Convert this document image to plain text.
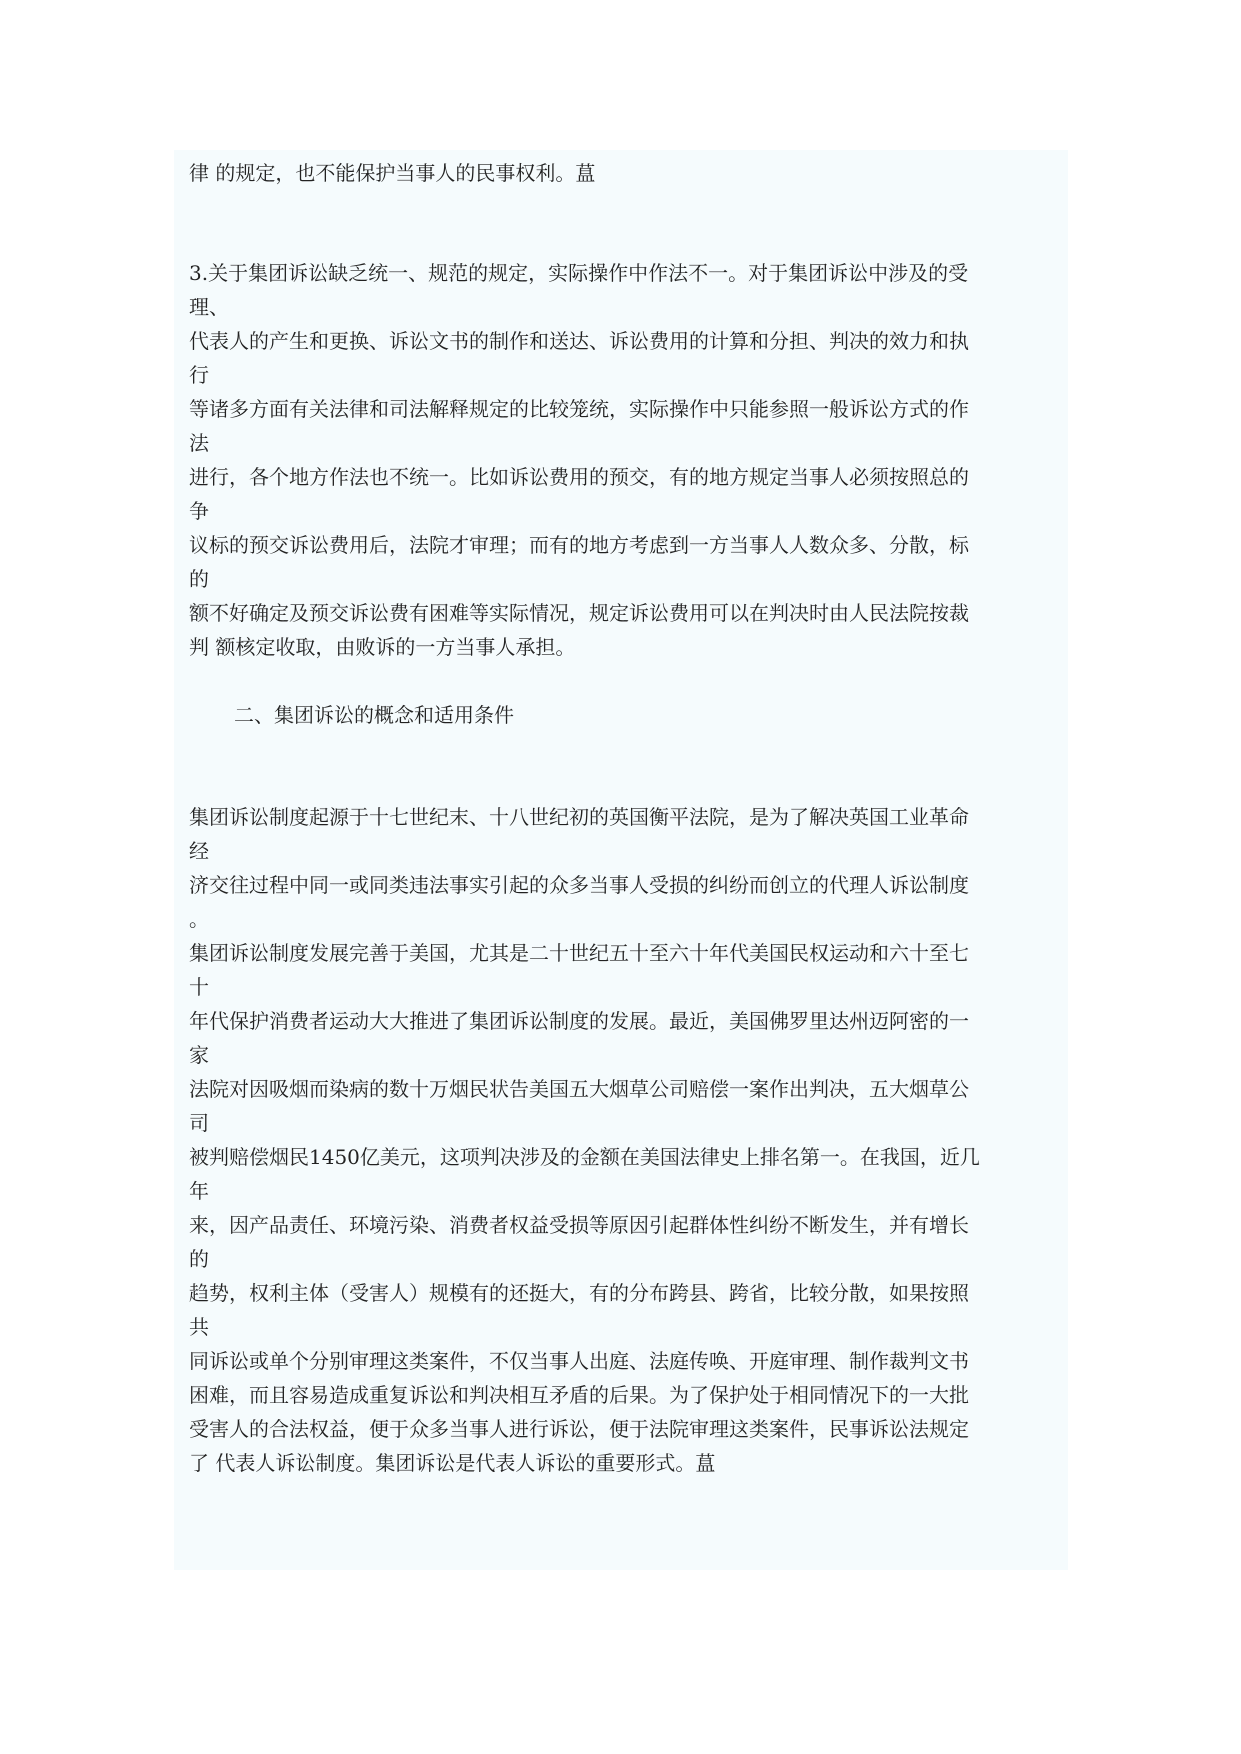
律 的规定，也不能保护当事人的民事权利。蒀
3.关于集团诉讼缺乏统一、规范的规定，实际操作中作法不一。对于集团诉讼中涉及的受
理、
代表人的产生和更换、诉讼文书的制作和送达、诉讼费用的计算和分担、判决的效力和执
行
等诸多方面有关法律和司法解释规定的比较笼统，实际操作中只能参照一般诉讼方式的作
法
进行，各个地方作法也不统一。比如诉讼费用的预交，有的地方规定当事人必须按照总的
争
议标的预交诉讼费用后，法院才审理；而有的地方考虑到一方当事人人数众多、分散，标
的
额不好确定及预交诉讼费有困难等实际情况，规定诉讼费用可以在判决时由人民法院按裁
判 额核定收取，由败诉的一方当事人承担。
二、集团诉讼的概念和适用条件
集团诉讼制度起源于十七世纪末、十八世纪初的英国衡平法院，是为了解决英国工业革命
经
济交往过程中同一或同类违法事实引起的众多当事人受损的纠纷而创立的代理人诉讼制度
。
集团诉讼制度发展完善于美国，尤其是二十世纪五十至六十年代美国民权运动和六十至七
十
年代保护消费者运动大大推进了集团诉讼制度的发展。最近，美国佛罗里达州迈阿密的一
家
法院对因吸烟而染病的数十万烟民状告美国五大烟草公司赔偿一案作出判决，五大烟草公
司
被判赔偿烟民1450亿美元，这项判决涉及的金额在美国法律史上排名第一。在我国，近几
年
来，因产品责任、环境污染、消费者权益受损等原因引起群体性纠纷不断发生，并有增长
的
趋势，权利主体（受害人）规模有的还挺大，有的分布跨县、跨省，比较分散，如果按照
共
同诉讼或单个分别审理这类案件，不仅当事人出庭、法庭传唤、开庭审理、制作裁判文书
困难，而且容易造成重复诉讼和判决相互矛盾的后果。为了保护处于相同情况下的一大批
受害人的合法权益，便于众多当事人进行诉讼，便于法院审理这类案件，民事诉讼法规定
了 代表人诉讼制度。集团诉讼是代表人诉讼的重要形式。蒀
